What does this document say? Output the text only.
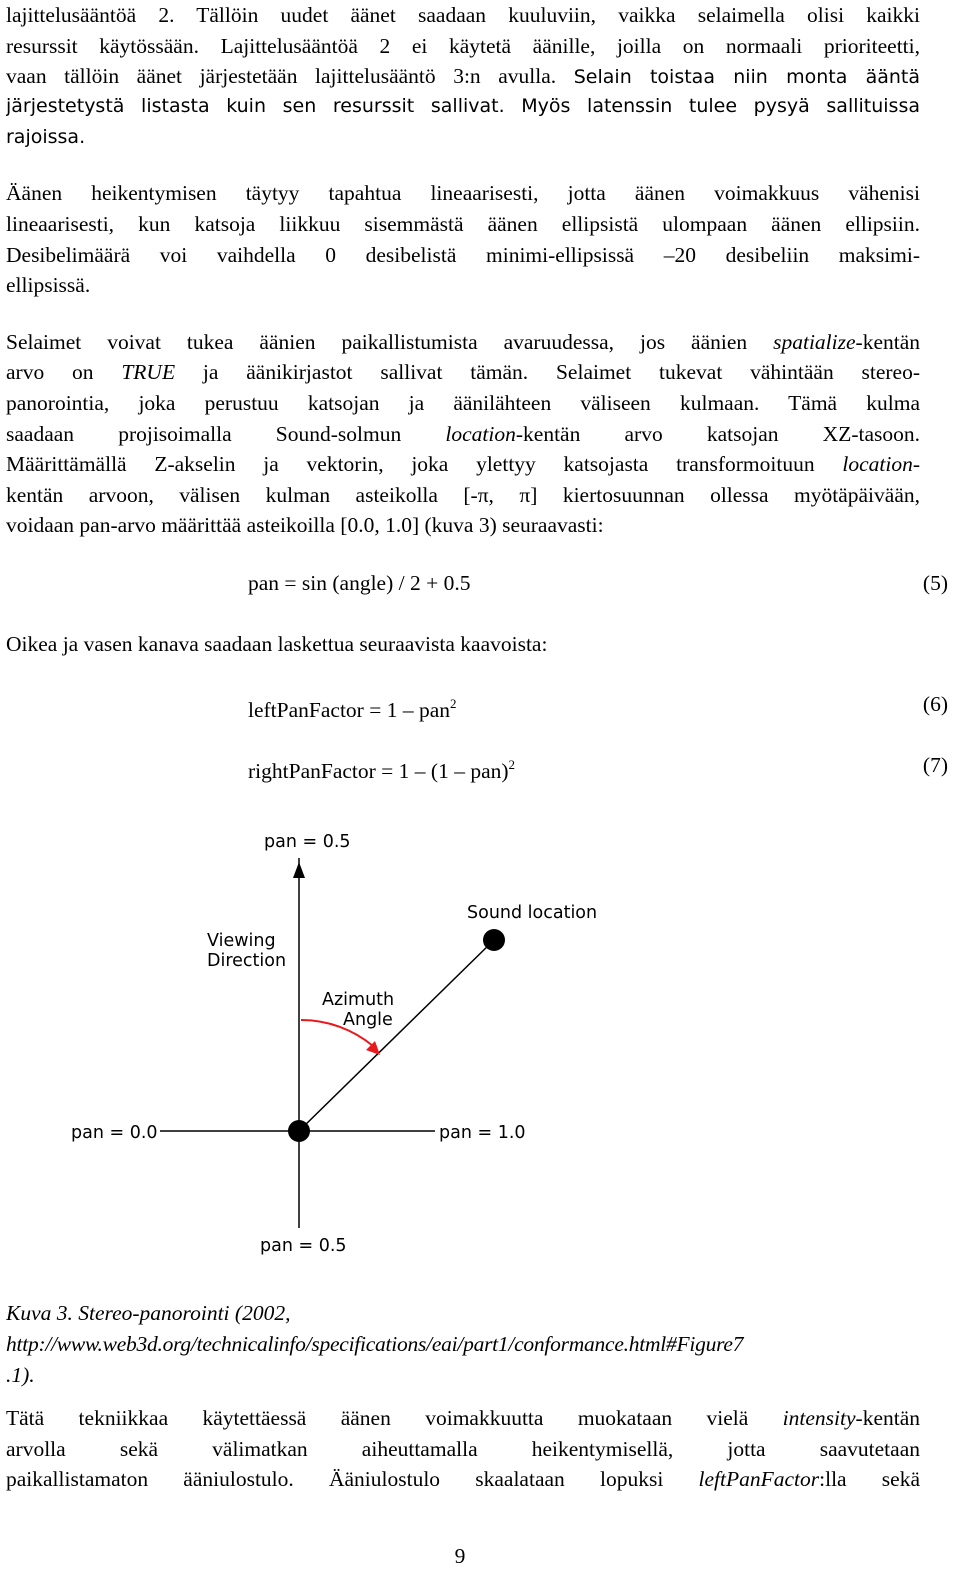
lajittelusääntöä 2. Tällöin uudet äänet saadaan kuuluviin, vaikka selaimella olisi kaikki
resurssit käytössään. Lajittelusääntöä 2 ei käytetä äänille, joilla on normaali prioriteetti,
vaan tällöin äänet järjestetään lajittelusääntö 3:n avulla. Selain toistaa niin monta ääntä
järjestetystä listasta kuin sen resurssit sallivat. Myös latenssin tulee pysyä sallituissa
rajoissa.
Äänen heikentymisen täytyy tapahtua lineaarisesti, jotta äänen voimakkuus vähenisi
lineaarisesti, kun katsoja liikkuu sisemmästä äänen ellipsistä ulompaan äänen ellipsiin.
Desibelimäärä voi vaihdella 0 desibelistä minimi-ellipsissä –20 desibeliin maksimi-
ellipsissä.
Selaimet voivat tukea äänien paikallistumista avaruudessa, jos äänien spatialize-kentän
arvo on TRUE ja äänikirjastot sallivat tämän. Selaimet tukevat vähintään stereo-
panorointia, joka perustuu katsojan ja äänilähteen väliseen kulmaan. Tämä kulma
saadaan projisoimalla Sound-solmun location-kentän arvo katsojan XZ-tasoon.
Määrittämällä Z-akselin ja vektorin, joka ylettyy katsojasta transformoituun location-
kentän arvoon, välisen kulman asteikolla [-π, π] kiertosuunnan ollessa myötäpäivään,
voidaan pan-arvo määrittää asteikoilla [0.0, 1.0] (kuva 3) seuraavasti:
pan = sin (angle) / 2 + 0.5	(5)
Oikea ja vasen kanava saadaan laskettua seuraavista kaavoista:
leftPanFactor = 1 – pan$^2$	(6)
rightPanFactor = 1 – (1 – pan)$^2$	(7)
pan = 0.5
Sound location
Viewing
Direction
Azimuth
Angle
pan = 0.0	pan = 1.0
pan = 0.5
Kuva 3. Stereo-panorointi (2002,
http://www.web3d.org/technicalinfo/specifications/eai/part1/conformance.html#Figure7
.1).
Tätä tekniikkaa käytettäessä äänen voimakkuutta muokataan vielä intensity-kentän
arvolla sekä välimatkan aiheuttamalla heikentymisellä, jotta saavutetaan
paikallistamaton ääniulostulo. Ääniulostulo skaalataan lopuksi leftPanFactor:lla sekä
9
